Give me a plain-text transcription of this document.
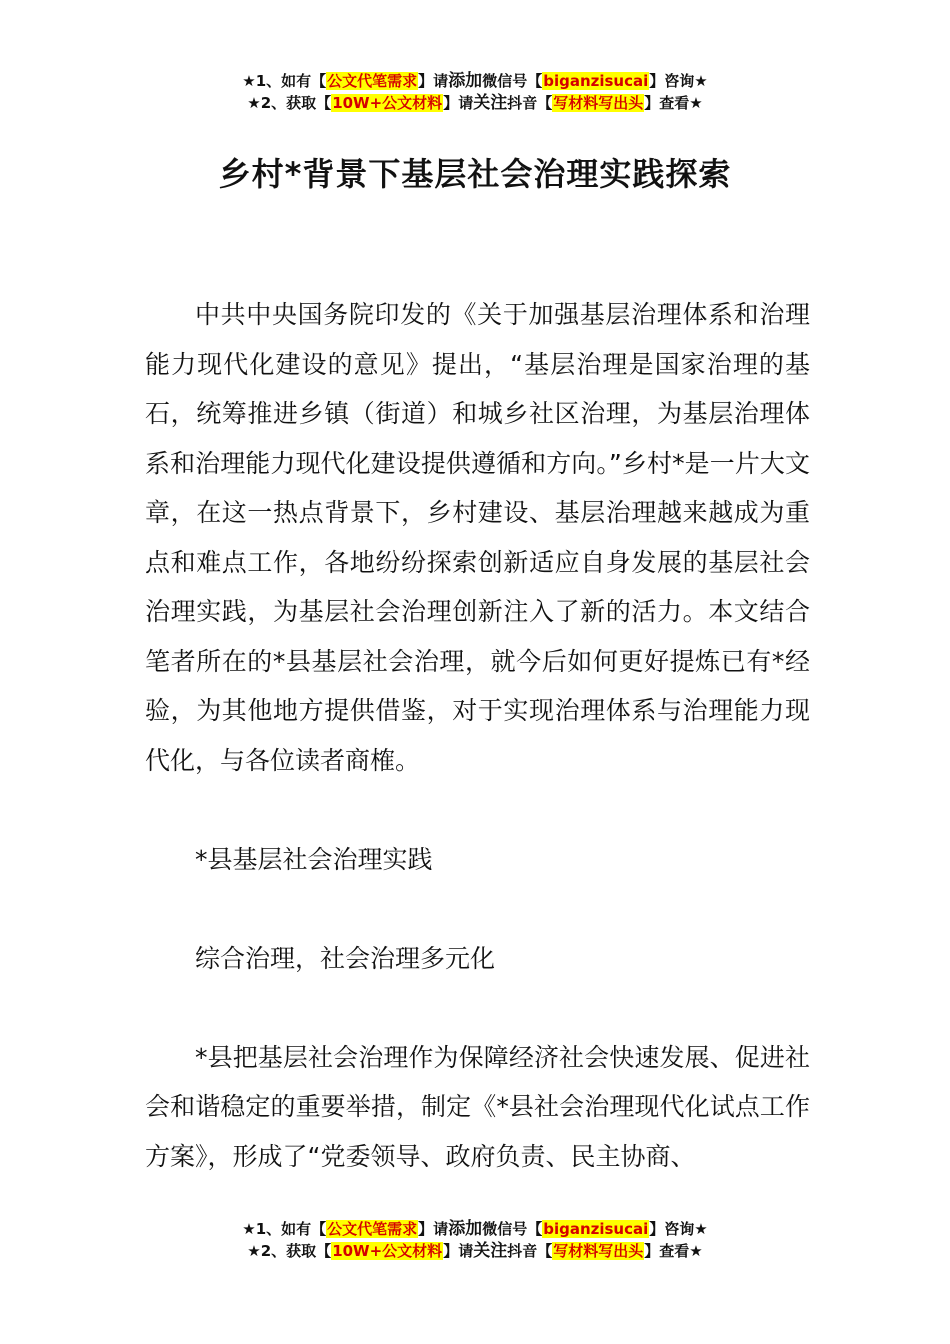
★1、如有【公文代笔需求】请添加微信号【biganzisucai】咨询★
★2、获取【10W+公文材料】请关注抖音【写材料写出头】查看★
乡村*背景下基层社会治理实践探索

中共中央国务院印发的《关于加强基层治理体系和治理能力现代化建设的意见》提出，“基层治理是国家治理的基石，统筹推进乡镇（街道）和城乡社区治理，为基层治理体系和治理能力现代化建设提供遵循和方向。”乡村*是一片大文章，在这一热点背景下，乡村建设、基层治理越来越成为重点和难点工作，各地纷纷探索创新适应自身发展的基层社会治理实践，为基层社会治理创新注入了新的活力。本文结合笔者所在的*县基层社会治理，就今后如何更好提炼已有*经验，为其他地方提供借鉴，对于实现治理体系与治理能力现代化，与各位读者商榷。

*县基层社会治理实践

综合治理，社会治理多元化

*县把基层社会治理作为保障经济社会快速发展、促进社会和谐稳定的重要举措，制定《*县社会治理现代化试点工作方案》，形成了“党委领导、政府负责、民主协商、

★1、如有【公文代笔需求】请添加微信号【biganzisucai】咨询★
★2、获取【10W+公文材料】请关注抖音【写材料写出头】查看★
